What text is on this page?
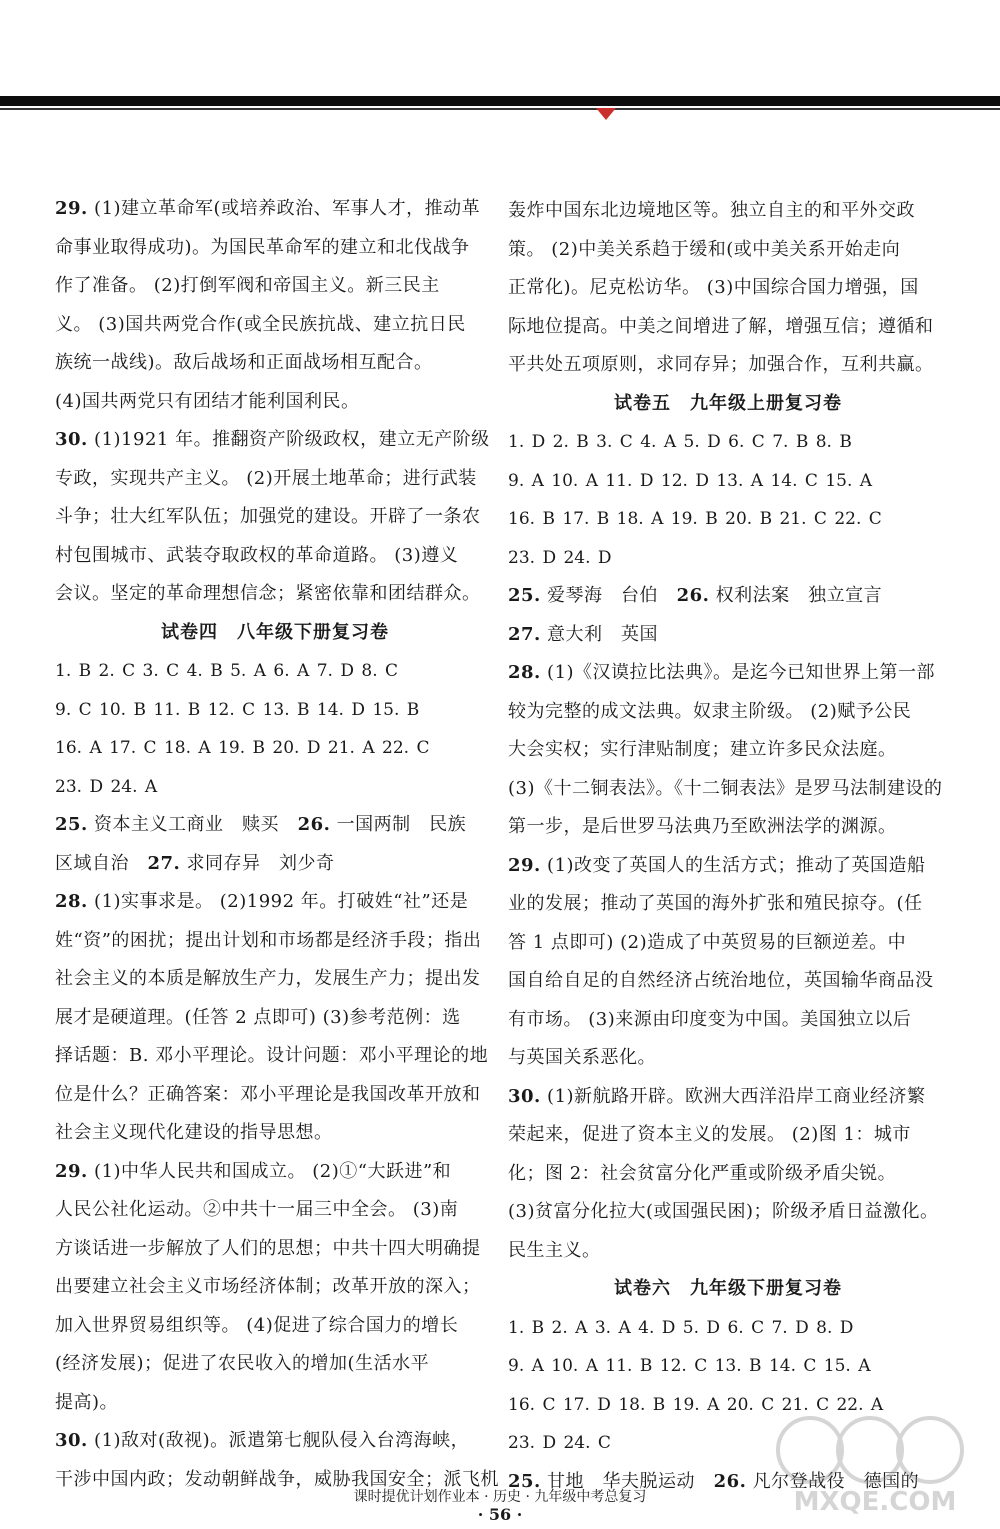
29. (1)建立革命军(或培养政治、军事人才，推动革
命事业取得成功)。为国民革命军的建立和北伐战争
作了准备。 (2)打倒军阀和帝国主义。新三民主
义。 (3)国共两党合作(或全民族抗战、建立抗日民
族统一战线)。敌后战场和正面战场相互配合。
(4)国共两党只有团结才能利国利民。
30. (1)1921 年。推翻资产阶级政权，建立无产阶级
专政，实现共产主义。 (2)开展土地革命；进行武装
斗争；壮大红军队伍；加强党的建设。开辟了一条农
村包围城市、武装夺取政权的革命道路。 (3)遵义
会议。坚定的革命理想信念；紧密依靠和团结群众。
试卷四　八年级下册复习卷
1. B 2. C 3. C 4. B 5. A 6. A 7. D 8. C
9. C 10. B 11. B 12. C 13. B 14. D 15. B
16. A 17. C 18. A 19. B 20. D 21. A 22. C
23. D 24. A
25. 资本主义工商业　赎买　26. 一国两制　民族
区域自治　27. 求同存异　刘少奇
28. (1)实事求是。 (2)1992 年。打破姓“社”还是
姓“资”的困扰；提出计划和市场都是经济手段；指出
社会主义的本质是解放生产力，发展生产力；提出发
展才是硬道理。(任答 2 点即可) (3)参考范例：选
择话题：B. 邓小平理论。设计问题：邓小平理论的地
位是什么？正确答案：邓小平理论是我国改革开放和
社会主义现代化建设的指导思想。
29. (1)中华人民共和国成立。 (2)①“大跃进”和
人民公社化运动。②中共十一届三中全会。 (3)南
方谈话进一步解放了人们的思想；中共十四大明确提
出要建立社会主义市场经济体制；改革开放的深入；
加入世界贸易组织等。 (4)促进了综合国力的增长
(经济发展)；促进了农民收入的增加(生活水平
提高)。
30. (1)敌对(敌视)。派遣第七舰队侵入台湾海峡，
干涉中国内政；发动朝鲜战争，威胁我国安全；派飞机
轰炸中国东北边境地区等。独立自主的和平外交政
策。 (2)中美关系趋于缓和(或中美关系开始走向
正常化)。尼克松访华。 (3)中国综合国力增强，国
际地位提高。中美之间增进了解，增强互信；遵循和
平共处五项原则，求同存异；加强合作，互利共赢。
试卷五　九年级上册复习卷
1. D 2. B 3. C 4. A 5. D 6. C 7. B 8. B
9. A 10. A 11. D 12. D 13. A 14. C 15. A
16. B 17. B 18. A 19. B 20. B 21. C 22. C
23. D 24. D
25. 爱琴海　台伯　26. 权利法案　独立宣言
27. 意大利　英国
28. (1)《汉谟拉比法典》。是迄今已知世界上第一部
较为完整的成文法典。奴隶主阶级。 (2)赋予公民
大会实权；实行津贴制度；建立许多民众法庭。
(3)《十二铜表法》。《十二铜表法》是罗马法制建设的
第一步，是后世罗马法典乃至欧洲法学的渊源。
29. (1)改变了英国人的生活方式；推动了英国造船
业的发展；推动了英国的海外扩张和殖民掠夺。(任
答 1 点即可) (2)造成了中英贸易的巨额逆差。中
国自给自足的自然经济占统治地位，英国输华商品没
有市场。 (3)来源由印度变为中国。美国独立以后
与英国关系恶化。
30. (1)新航路开辟。欧洲大西洋沿岸工商业经济繁
荣起来，促进了资本主义的发展。 (2)图 1：城市
化；图 2：社会贫富分化严重或阶级矛盾尖锐。
(3)贫富分化拉大(或国强民困)；阶级矛盾日益激化。
民生主义。
试卷六　九年级下册复习卷
1. B 2. A 3. A 4. D 5. D 6. C 7. D 8. D
9. A 10. A 11. B 12. C 13. B 14. C 15. A
16. C 17. D 18. B 19. A 20. C 21. C 22. A
23. D 24. C
25. 甘地　华夫脱运动　26. 凡尔登战役　德国的
课时提优计划作业本 · 历史 · 九年级中考总复习
· 56 ·	MXQE.COM
